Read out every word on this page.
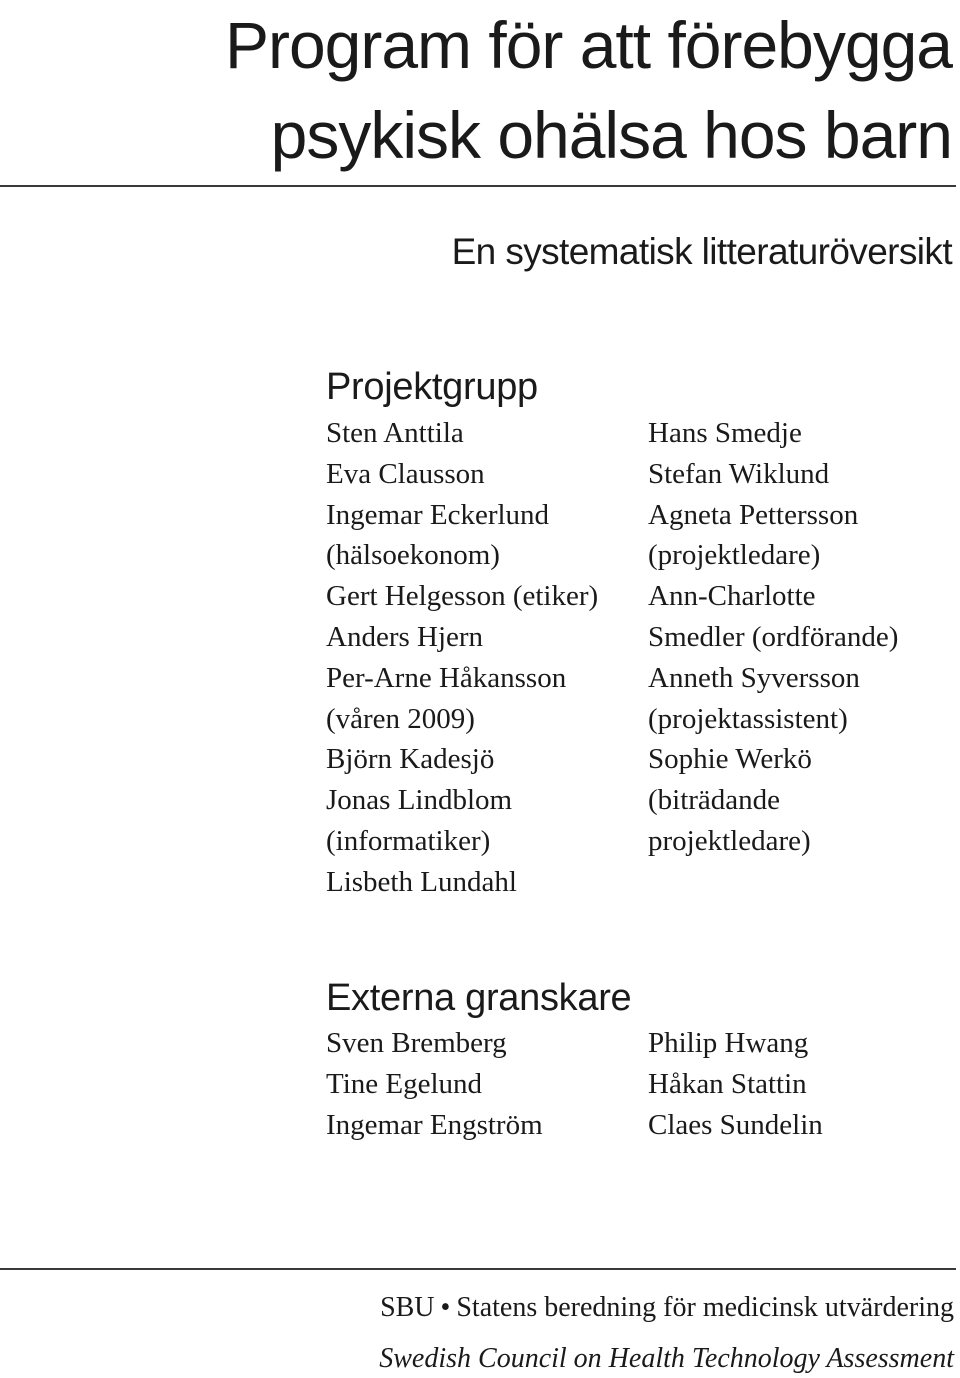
Program för att förebygga
psykisk ohälsa hos barn
En systematisk litteraturöversikt
Projektgrupp
Sten Anttila
Eva Clausson
Ingemar Eckerlund
(hälsoekonom)
Gert Helgesson (etiker)
Anders Hjern
Per-Arne Håkansson
(våren 2009)
Björn Kadesjö
Jonas Lindblom
(informatiker)
Lisbeth Lundahl
Hans Smedje
Stefan Wiklund
Agneta Pettersson
(projektledare)
Ann-Charlotte
Smedler (ordförande)
Anneth Syversson
(projektassistent)
Sophie Werkö
(biträdande
projektledare)
Externa granskare
Sven Bremberg
Tine Egelund
Ingemar Engström
Philip Hwang
Håkan Stattin
Claes Sundelin

SBU • Statens beredning för medicinsk utvärdering

Swedish Council on Health Technology Assessment
